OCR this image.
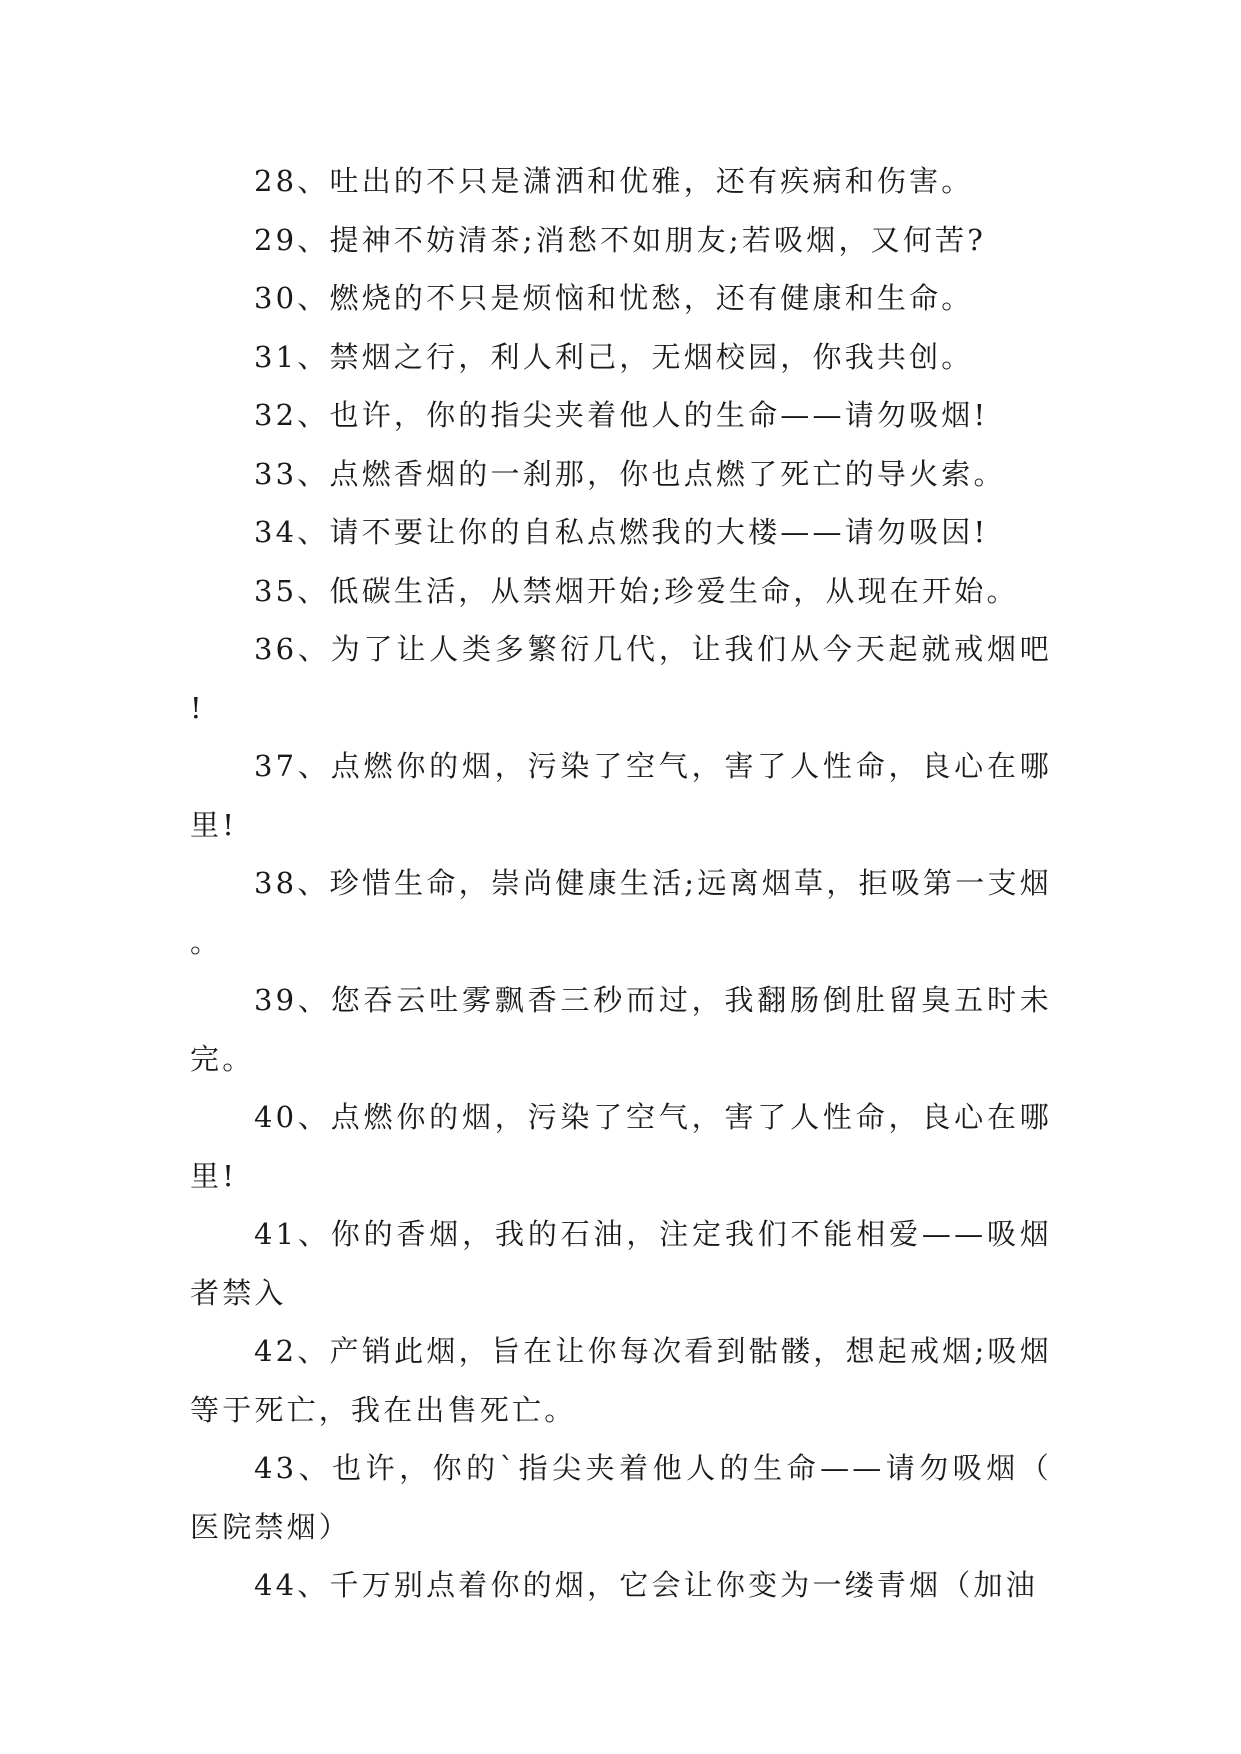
28、吐出的不只是潇洒和优雅，还有疾病和伤害。

29、提神不妨清茶;消愁不如朋友;若吸烟，又何苦?

30、燃烧的不只是烦恼和忧愁，还有健康和生命。

31、禁烟之行，利人利己，无烟校园，你我共创。

32、也许，你的指尖夹着他人的生命——请勿吸烟!

33、点燃香烟的一刹那，你也点燃了死亡的导火索。

34、请不要让你的自私点燃我的大楼——请勿吸因!

35、低碳生活，从禁烟开始;珍爱生命，从现在开始。

36、为了让人类多繁衍几代，让我们从今天起就戒烟吧!

37、点燃你的烟，污染了空气，害了人性命，良心在哪里!

38、珍惜生命，崇尚健康生活;远离烟草，拒吸第一支烟。

39、您吞云吐雾飘香三秒而过，我翻肠倒肚留臭五时未完。

40、点燃你的烟，污染了空气，害了人性命，良心在哪里!

41、你的香烟，我的石油，注定我们不能相爱——吸烟者禁入

42、产销此烟，旨在让你每次看到骷髅，想起戒烟;吸烟等于死亡，我在出售死亡。

43、也许，你的`指尖夹着他人的生命——请勿吸烟（医院禁烟）

44、千万别点着你的烟，它会让你变为一缕青烟（加油
